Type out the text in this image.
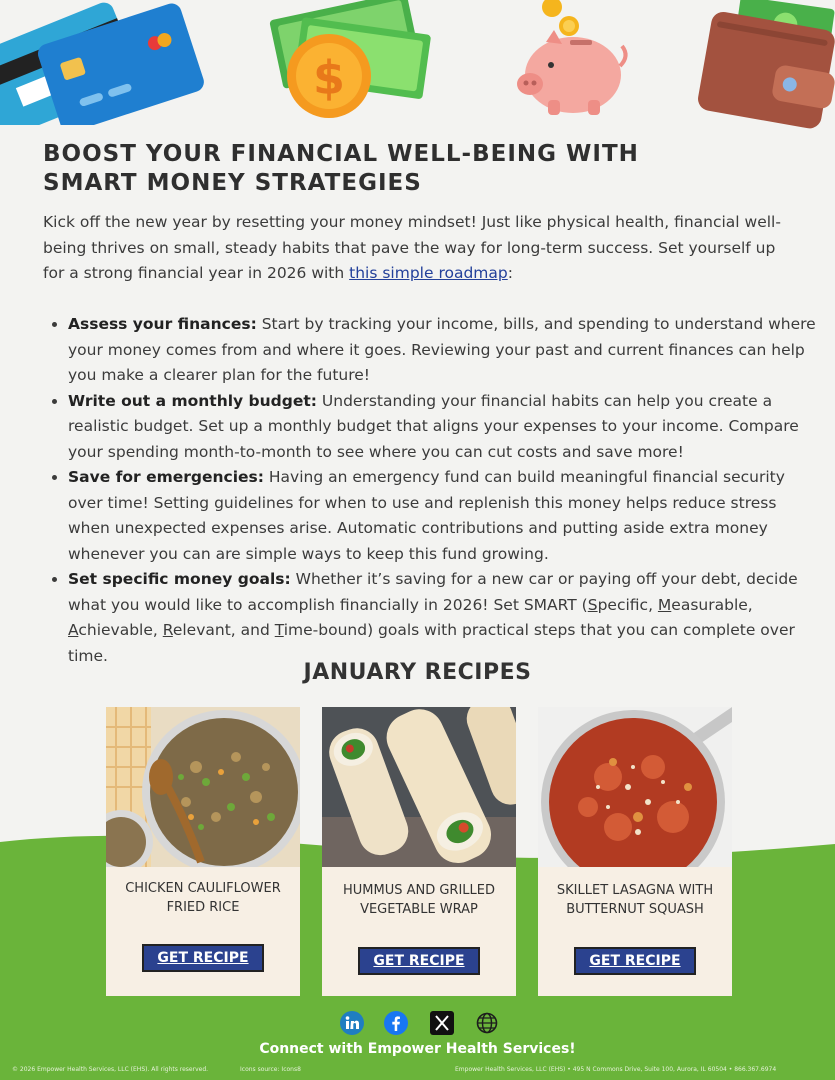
$
BOOST YOUR FINANCIAL WELL-BEING WITH
SMART MONEY STRATEGIES

Kick off the new year by resetting your money mindset! Just like physical health, financial well-being thrives on small, steady habits that pave the way for long-term success. Set yourself up for a strong financial year in 2026 with this simple roadmap:

• Assess your finances: Start by tracking your income, bills, and spending to understand where your money comes from and where it goes. Reviewing your past and current finances can help you make a clearer plan for the future!
• Write out a monthly budget: Understanding your financial habits can help you create a realistic budget. Set up a monthly budget that aligns your expenses to your income. Compare your spending month-to-month to see where you can cut costs and save more!
• Save for emergencies: Having an emergency fund can build meaningful financial security over time! Setting guidelines for when to use and replenish this money helps reduce stress when unexpected expenses arise. Automatic contributions and putting aside extra money whenever you can are simple ways to keep this fund growing.
• Set specific money goals: Whether it’s saving for a new car or paying off your debt, decide what you would like to accomplish financially in 2026! Set SMART (Specific, Measurable, Achievable, Relevant, and Time-bound) goals with practical steps that you can complete over time.
JANUARY RECIPES
CHICKEN CAULIFLOWER
FRIED RICE
GET RECIPE
HUMMUS AND GRILLED
VEGETABLE WRAP
GET RECIPE
SKILLET LASAGNA WITH
BUTTERNUT SQUASH
GET RECIPE
Connect with Empower Health Services!
© 2026 Empower Health Services, LLC (EHS). All rights reserved.	Icons source: Icons8	Empower Health Services, LLC (EHS) • 495 N Commons Drive, Suite 100, Aurora, IL 60504 • 866.367.6974
